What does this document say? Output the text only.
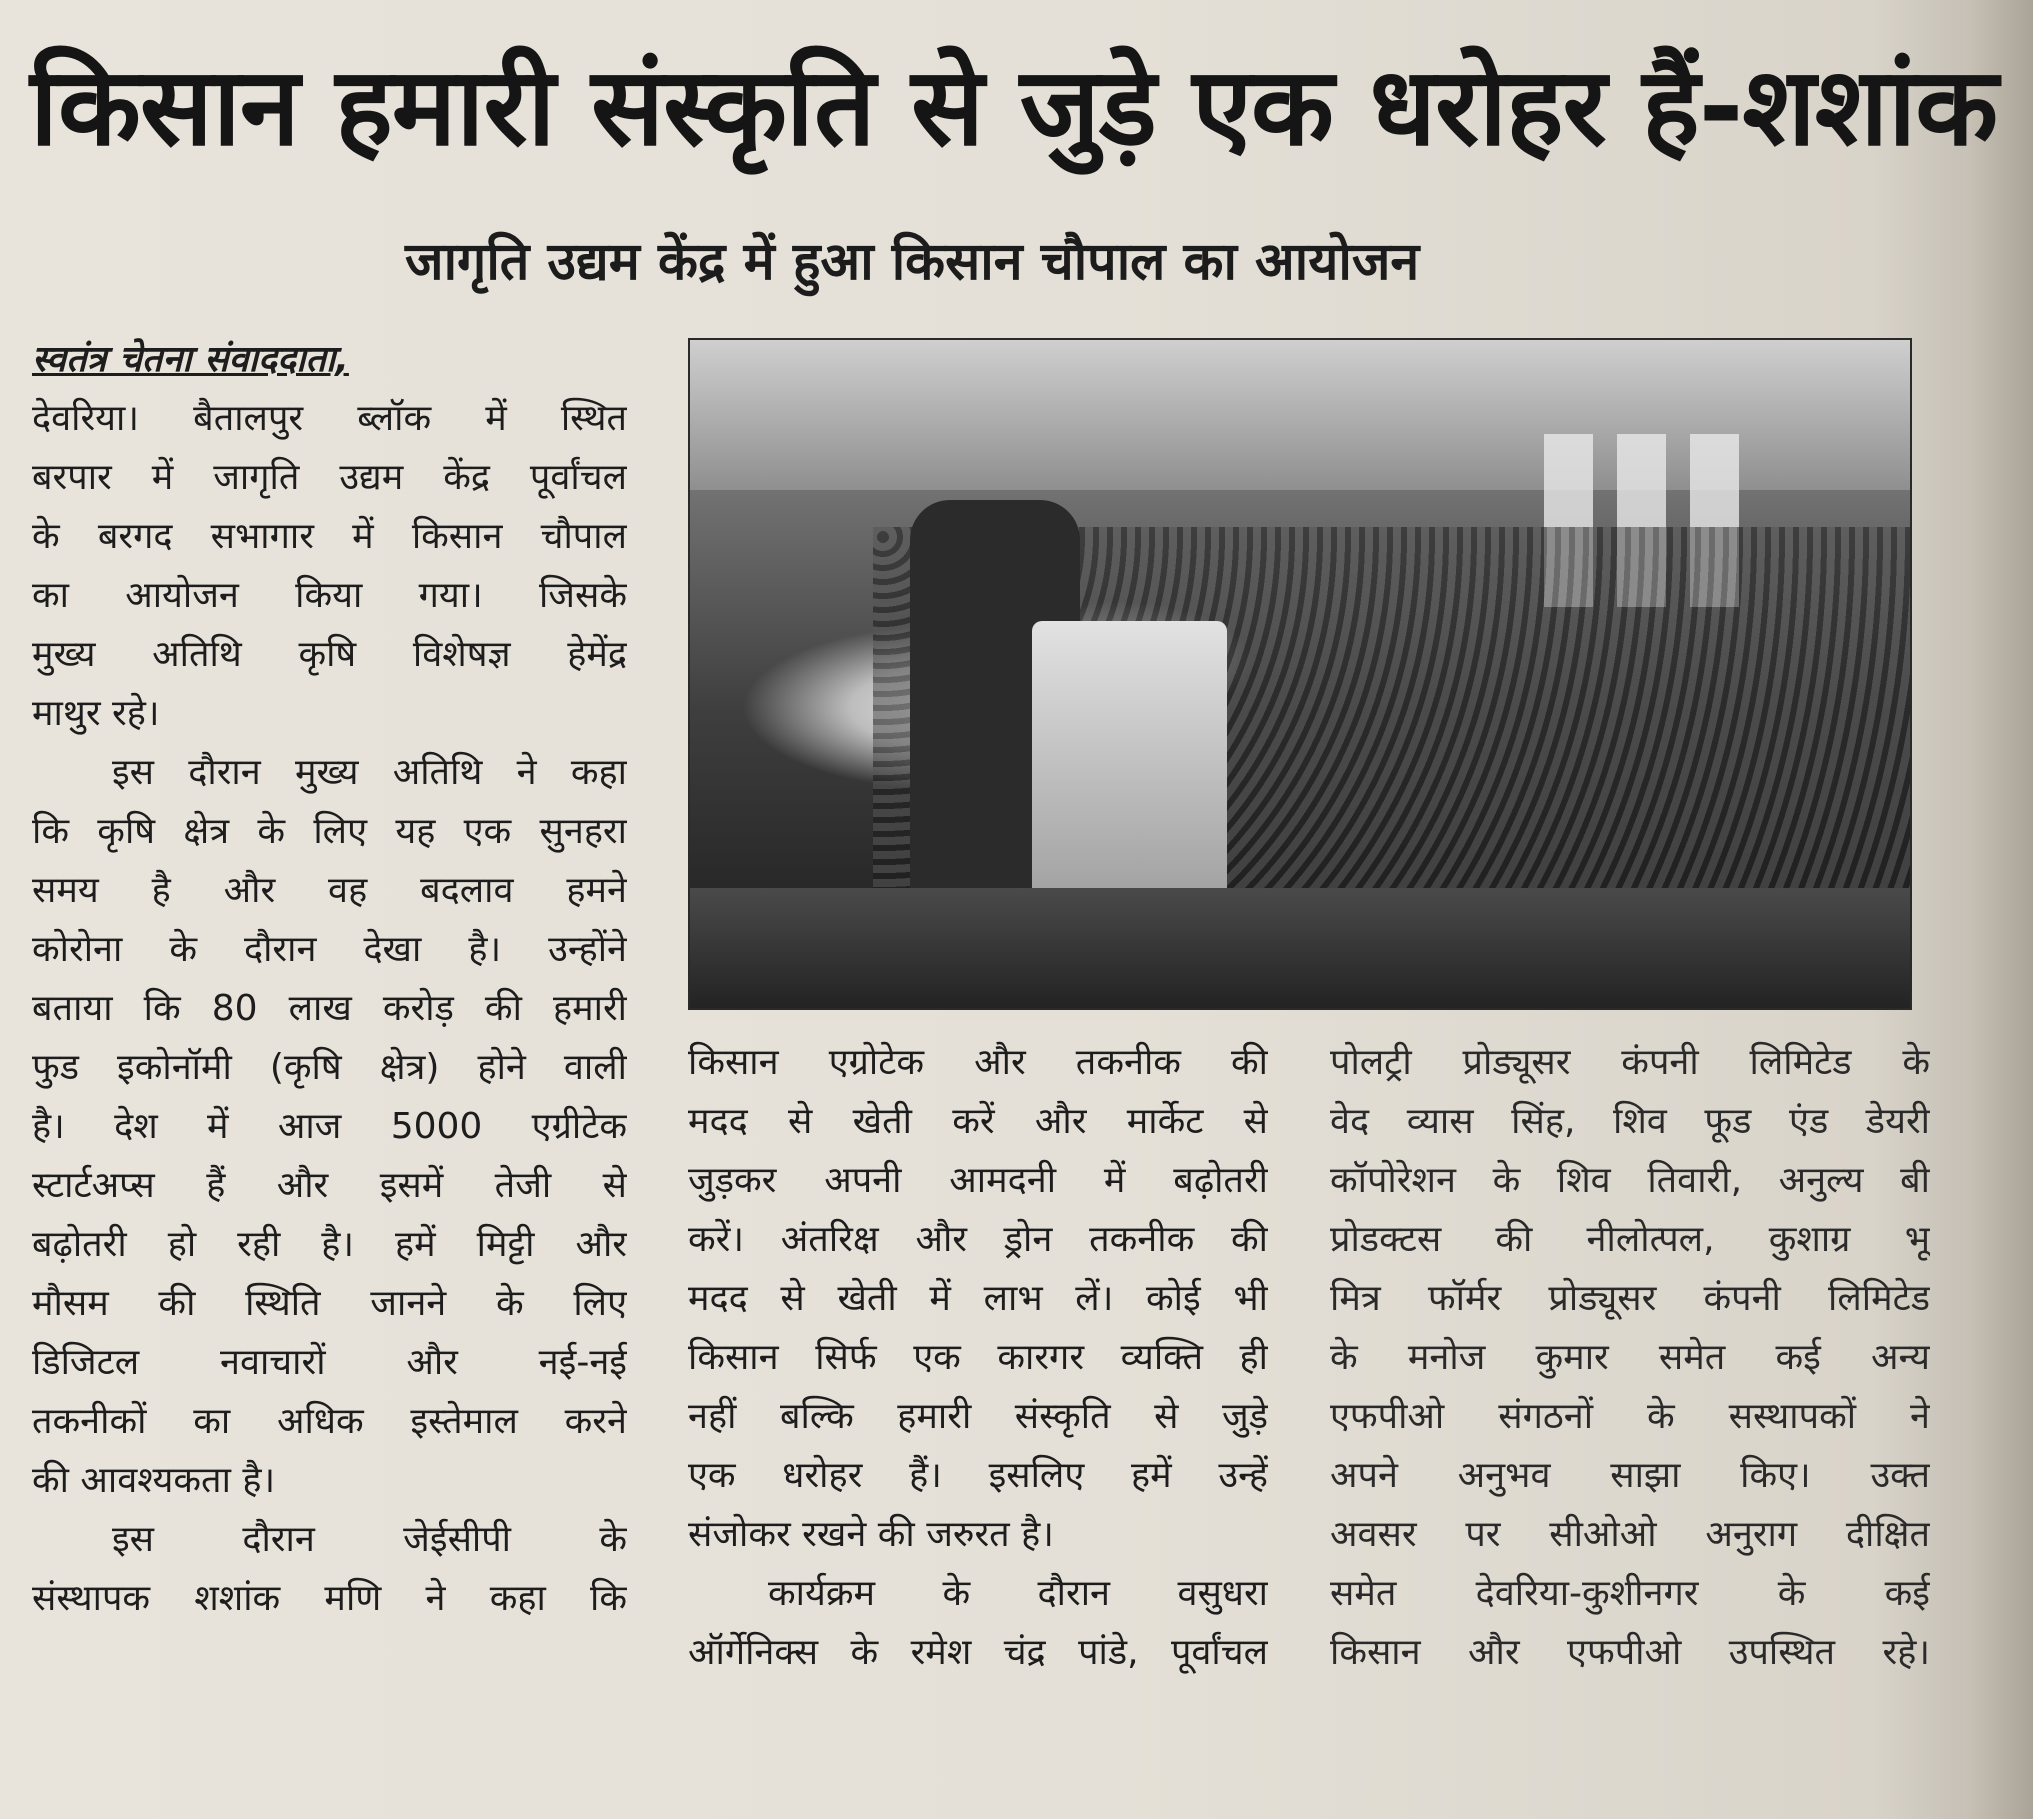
किसान हमारी संस्कृति से जुड़े एक धरोहर हैं-शशांक
जागृति उद्यम केंद्र में हुआ किसान चौपाल का आयोजन

स्वतंत्र चेतना संवाददाता,

देवरिया। बैतालपुर ब्लॉक में स्थित

बरपार में जागृति उद्यम केंद्र पूर्वांचल

के बरगद सभागार में किसान चौपाल

का आयोजन किया गया। जिसके

मुख्य अतिथि कृषि विशेषज्ञ हेमेंद्र

माथुर रहे।

इस दौरान मुख्य अतिथि ने कहा

कि कृषि क्षेत्र के लिए यह एक सुनहरा

समय है और वह बदलाव हमने

कोरोना के दौरान देखा है। उन्होंने

बताया कि 80 लाख करोड़ की हमारी

फुड इकोनॉमी (कृषि क्षेत्र) होने वाली

है। देश में आज 5000 एग्रीटेक

स्टार्टअप्स हैं और इसमें तेजी से

बढ़ोतरी हो रही है। हमें मिट्टी और

मौसम की स्थिति जानने के लिए

डिजिटल नवाचारों और नई-नई

तकनीकों का अधिक इस्तेमाल करने

की आवश्यकता है।

इस दौरान जेईसीपी के

संस्थापक शशांक मणि ने कहा कि

किसान एग्रोटेक और तकनीक की

मदद से खेती करें और मार्केट से

जुड़कर अपनी आमदनी में बढ़ोतरी

करें। अंतरिक्ष और ड्रोन तकनीक की

मदद से खेती में लाभ लें। कोई भी

किसान सिर्फ एक कारगर व्यक्ति ही

नहीं बल्कि हमारी संस्कृति से जुड़े

एक धरोहर हैं। इसलिए हमें उन्हें

संजोकर रखने की जरुरत है।

कार्यक्रम के दौरान वसुधरा

ऑर्गेनिक्स के रमेश चंद्र पांडे, पूर्वांचल

पोलट्री प्रोड्यूसर कंपनी लिमिटेड के

वेद व्यास सिंह, शिव फूड एंड डेयरी

कॉपोरेशन के शिव तिवारी, अनुल्य बी

प्रोडक्टस की नीलोत्पल, कुशाग्र भू

मित्र फॉर्मर प्रोड्यूसर कंपनी लिमिटेड

के मनोज कुमार समेत कई अन्य

एफपीओ संगठनों के सस्थापकों ने

अपने अनुभव साझा किए। उक्त

अवसर पर सीओओ अनुराग दीक्षित

समेत देवरिया-कुशीनगर के कई

किसान और एफपीओ उपस्थित रहे।
